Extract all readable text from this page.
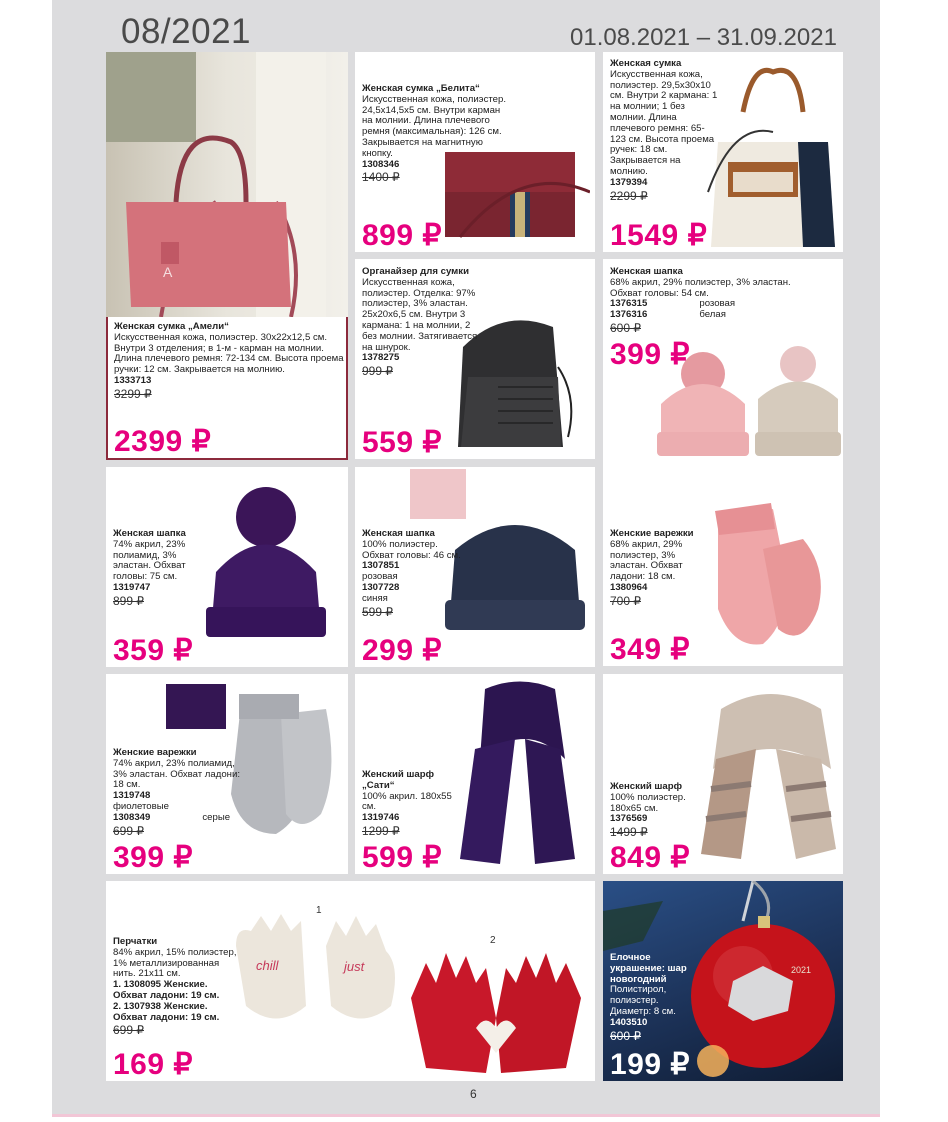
08/2021	01.08.2021 – 31.09.2021
A
Женская сумка „Амели“
Искусственная кожа, полиэстер. 30x22x12,5 см. Внутри 3 отделения; в 1-м - карман на молнии. Длина плечевого ремня: 72-134 см. Высота проема ручки: 12 см. Закрывается на молнию.
1333713
3299 ₽
2399 ₽
Женская сумка „Белита“
Искусственная кожа, полиэстер. 24,5x14,5x5 см. Внутри карман на молнии. Длина плечевого ремня (максимальная): 126 см. Закрывается на магнитную кнопку.
1308346
1400 ₽
899 ₽
Женская сумка
Искусственная кожа, полиэстер. 29,5x30x10 см. Внутри 2 кармана: 1 на молнии; 1 без молнии. Длина плечевого ремня: 65-123 см. Высота проема ручек: 18 см. Закрывается на молнию.
1379394
2299 ₽
1549 ₽
Органайзер для сумки
Искусственная кожа, полиэстер. Отделка: 97% полиэстер, 3% эластан. 25x20x6,5 см. Внутри 3 кармана: 1 на молнии, 2 без молнии. Затягивается на шнурок.
1378275
999 ₽
559 ₽
Женская шапка
68% акрил, 29% полиэстер, 3% эластан. Обхват головы: 54 см.
1376315	розовая
1376316	белая
600 ₽
399 ₽
Женские варежки
68% акрил, 29% полиэстер, 3% эластан. Обхват ладони: 18 см.
1380964
700 ₽
349 ₽
Женская шапка
74% акрил, 23% полиамид, 3% эластан. Обхват головы: 75 см.
1319747
899 ₽
359 ₽
Женская шапка
100% полиэстер. Обхват головы: 46 см.
1307851
розовая
1307728
синяя
599 ₽
299 ₽
Женские варежки
74% акрил, 23% полиамид, 3% эластан. Обхват ладони: 18 см.
1319748фиолетовые
1308349	серые
699 ₽
399 ₽
Женский шарф „Сати“
100% акрил. 180x55 см.
1319746
1299 ₽
599 ₽
Женский шарф
100% полиэстер. 180x65 см.
1376569
1499 ₽
849 ₽
1
2
chill	just
Перчатки
84% акрил, 15% полиэстер, 1% металлизированная нить. 21x11 см.
1. 1308095 Женские. Обхват ладони: 19 см.
2. 1307938 Женские. Обхват ладони: 19 см.
699 ₽
169 ₽
2021
Елочное украшение: шар новогодний
Полистирол, полиэстер. Диаметр: 8 см.
1403510
600 ₽
199 ₽
6
